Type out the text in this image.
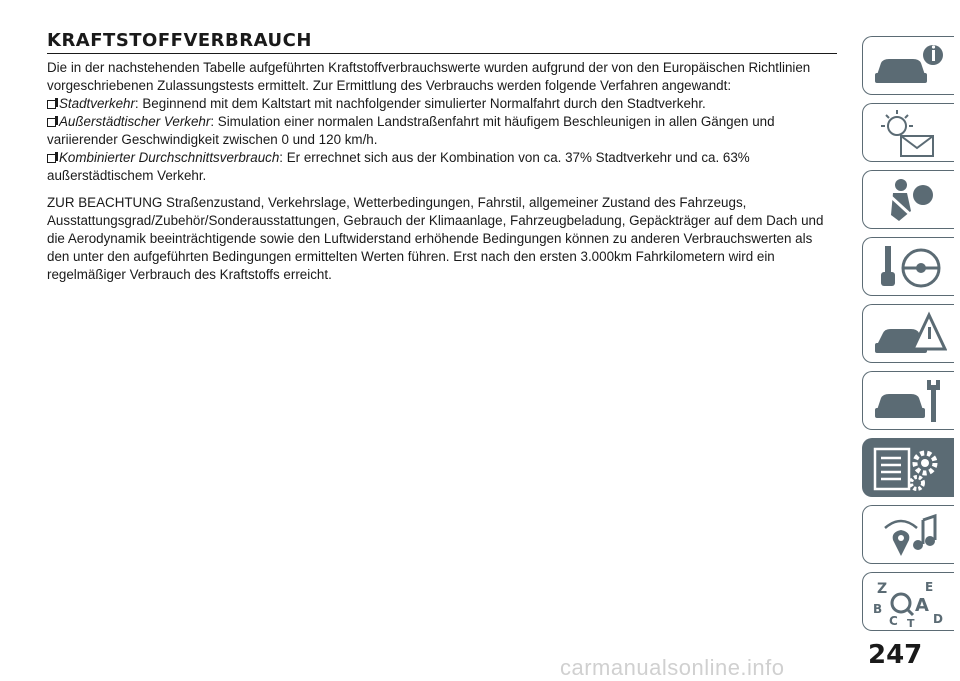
KRAFTSTOFFVERBRAUCH

Die in der nachstehenden Tabelle aufgeführten Kraftstoffverbrauchswerte wurden aufgrund der von den Europäischen Richtlinien vorgeschriebenen Zulassungstests ermittelt. Zur Ermittlung des Verbrauchs werden folgende Verfahren angewandt:

Stadtverkehr: Beginnend mit dem Kaltstart mit nachfolgender simulierter Normalfahrt durch den Stadtverkehr.

Außerstädtischer Verkehr: Simulation einer normalen Landstraßenfahrt mit häufigem Beschleunigen in allen Gängen und variierender Geschwindigkeit zwischen 0 und 120 km/h.

Kombinierter Durchschnittsverbrauch: Er errechnet sich aus der Kombination von ca. 37% Stadtverkehr und ca. 63% außerstädtischem Verkehr.

ZUR BEACHTUNG Straßenzustand, Verkehrslage, Wetterbedingungen, Fahrstil, allgemeiner Zustand des Fahrzeugs, Ausstattungsgrad/Zubehör/Sonderausstattungen, Gebrauch der Klimaanlage, Fahrzeugbeladung, Gepäckträger auf dem Dach und die Aerodynamik beeinträchtigende sowie den Luftwiderstand erhöhende Bedingungen können zu anderen Verbrauchswerten als den unter den aufgeführten Bedingungen ermittelten Werten führen. Erst nach den ersten 3.000km Fahrkilometern wird ein regelmäßiger Verbrauch des Kraftstoffs erreicht.

Z	E
B A
D
C T
247
carmanualsonline.info
